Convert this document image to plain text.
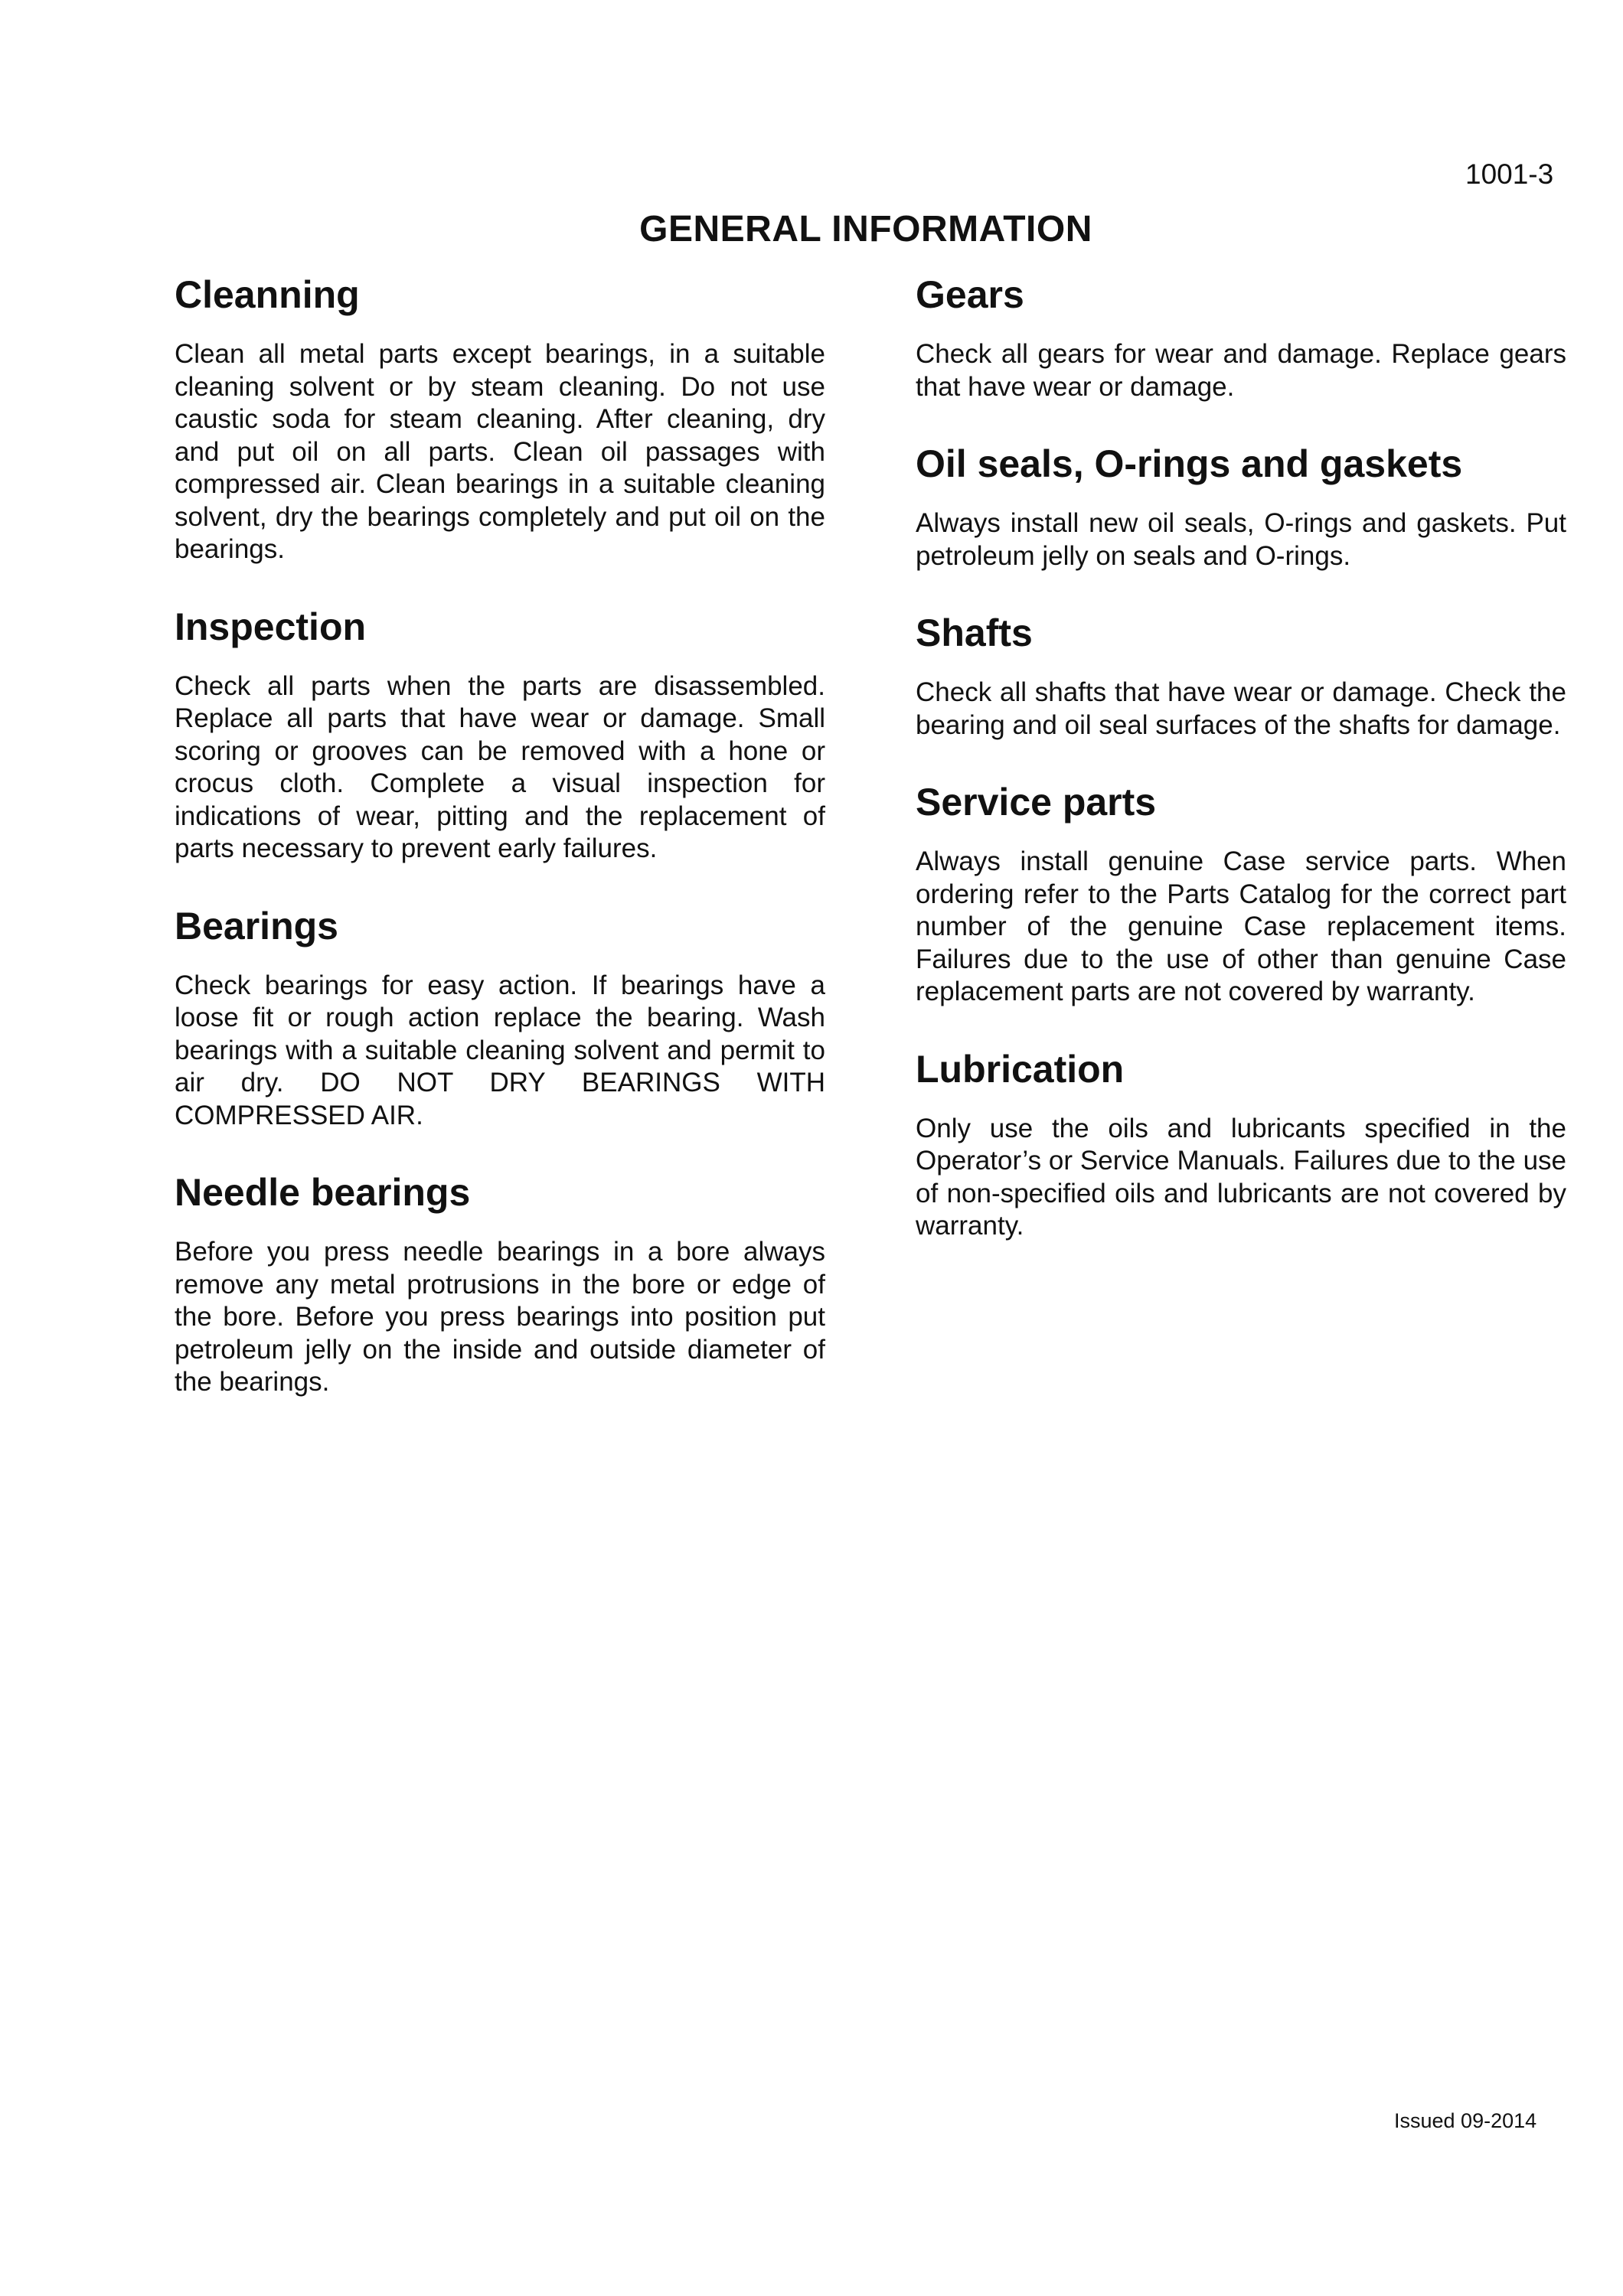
1001-3
GENERAL INFORMATION
Cleanning

Clean all metal parts except bearings, in a suitable cleaning solvent or by steam cleaning. Do not use caustic soda for steam cleaning. After cleaning, dry and put oil on all parts. Clean oil passages with compressed air. Clean bearings in a suitable cleaning solvent, dry the bearings completely and put oil on the bearings.

Inspection

Check all parts when the parts are disassembled. Replace all parts that have wear or damage. Small scoring or grooves can be removed with a hone or crocus cloth. Complete a visual inspection for indications of wear, pitting and the replacement of parts necessary to prevent early failures.

Bearings

Check bearings for easy action. If bearings have a loose fit or rough action replace the bearing. Wash bearings with a suitable cleaning solvent and permit to air dry. DO NOT DRY BEARINGS WITH COMPRESSED AIR.

Needle bearings

Before you press needle bearings in a bore always remove any metal protrusions in the bore or edge of the bore. Before you press bearings into position put petroleum jelly on the inside and outside diameter of the bearings.

Gears

Check all gears for wear and damage. Replace gears that have wear or damage.

Oil seals, O-rings and gaskets

Always install new oil seals, O-rings and gaskets. Put petroleum jelly on seals and O-rings.

Shafts

Check all shafts that have wear or damage. Check the bearing and oil seal surfaces of the shafts for damage.

Service parts

Always install genuine Case service parts. When ordering refer to the Parts Catalog for the correct part number of the genuine Case replacement items. Failures due to the use of other than genuine Case replacement parts are not covered by warranty.

Lubrication

Only use the oils and lubricants specified in the Operator’s or Service Manuals. Failures due to the use of non-specified oils and lubricants are not covered by warranty.

Issued 09-2014
